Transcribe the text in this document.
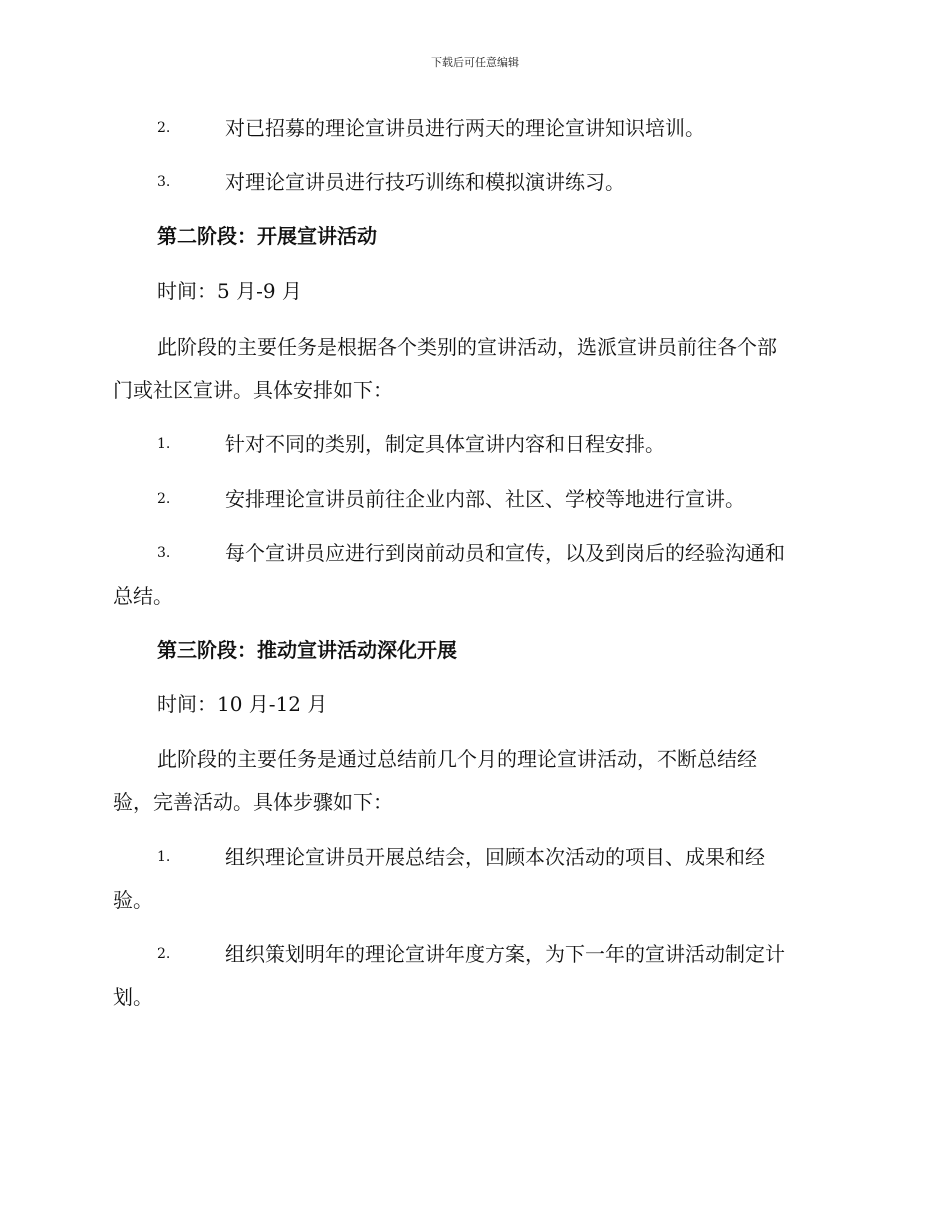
下载后可任意编辑
2.	对已招募的理论宣讲员进行两天的理论宣讲知识培训。
3.	对理论宣讲员进行技巧训练和模拟演讲练习。
第二阶段：开展宣讲活动
时间：5 月-9 月
此阶段的主要任务是根据各个类别的宣讲活动，选派宣讲员前往各个部
门或社区宣讲。具体安排如下：
1.	针对不同的类别，制定具体宣讲内容和日程安排。
2.	安排理论宣讲员前往企业内部、社区、学校等地进行宣讲。
3.	每个宣讲员应进行到岗前动员和宣传，以及到岗后的经验沟通和
总结。
第三阶段：推动宣讲活动深化开展
时间：10 月-12 月
此阶段的主要任务是通过总结前几个月的理论宣讲活动，不断总结经
验，完善活动。具体步骤如下：
1.	组织理论宣讲员开展总结会，回顾本次活动的项目、成果和经
验。
2.	组织策划明年的理论宣讲年度方案，为下一年的宣讲活动制定计
划。
